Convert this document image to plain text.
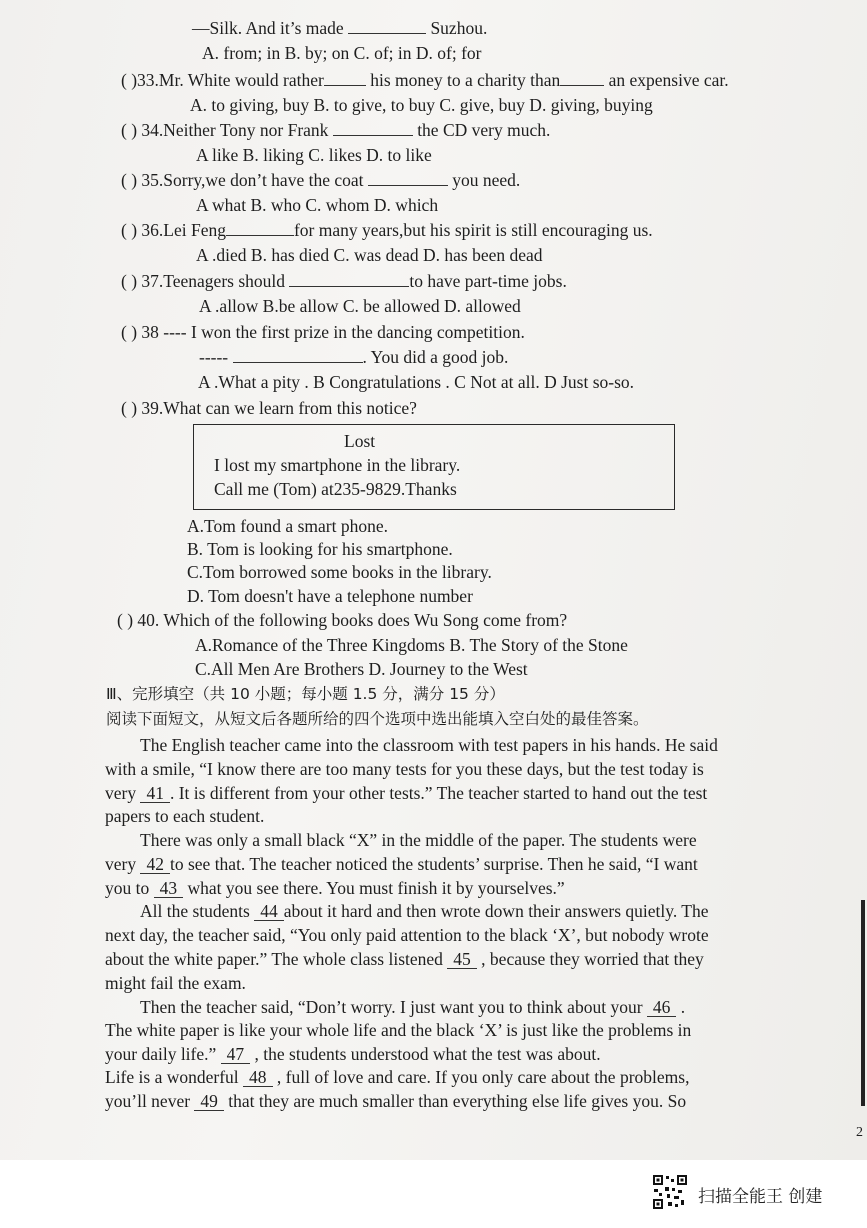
—Silk. And it’s made	Suzhou.
A. from; in B. by; on C. of; in D. of; for
( )33.Mr. White would rather his money to a charity than	an expensive car.
A. to giving, buy B. to give, to buy C. give, buy D. giving, buying
( ) 34.Neither Tony nor Frank	the CD very much.
A like B. liking C. likes D. to like
( ) 35.Sorry,we don’t have the coat	you need.
A what B. who C. whom D. which
( ) 36.Lei Feng	for many years,but his spirit is still encouraging us.
A .died B. has died C. was dead D. has been dead
( ) 37.Teenagers should	to have part-time jobs.
A .allow B.be allow C. be allowed D. allowed
( ) 38 ---- I won the first prize in the dancing competition.
-----	. You did a good job.
A .What a pity . B Congratulations . C Not at all. D Just so-so.
( ) 39.What can we learn from this notice?
Lost
I lost my smartphone in the library.
Call me (Tom) at235-9829.Thanks
A.Tom found a smart phone.
B. Tom is looking for his smartphone.
C.Tom borrowed some books in the library.
D. Tom doesn't have a telephone number
( ) 40. Which of the following books does Wu Song come from?
A.Romance of the Three Kingdoms B. The Story of the Stone
C.All Men Are Brothers D. Journey to the West
Ⅲ、完形填空（共 10 小题；每小题 1.5 分，满分 15 分）
阅读下面短文，从短文后各题所给的四个选项中选出能填入空白处的最佳答案。
The English teacher came into the classroom with test papers in his hands. He said
with a smile, “I know there are too many tests for you these days, but the test today is
very 41 . It is different from your other tests.” The teacher started to hand out the test
papers to each student.
There was only a small black “X” in the middle of the paper. The students were
very 42 to see that. The teacher noticed the students’ surprise. Then he said, “I want
you to 43 what you see there. You must finish it by yourselves.”
All the students 44 about it hard and then wrote down their answers quietly. The
next day, the teacher said, “You only paid attention to the black ‘X’, but nobody wrote
about the white paper.” The whole class listened 45 , because they worried that they
might fail the exam.
Then the teacher said, “Don’t worry. I just want you to think about your 46 .
The white paper is like your whole life and the black ‘X’ is just like the problems in
your daily life.” 47 , the students understood what the test was about.
Life is a wonderful 48 , full of love and care. If you only care about the problems,
you’ll never 49 that they are much smaller than everything else life gives you. So
2
扫描全能王 创建
